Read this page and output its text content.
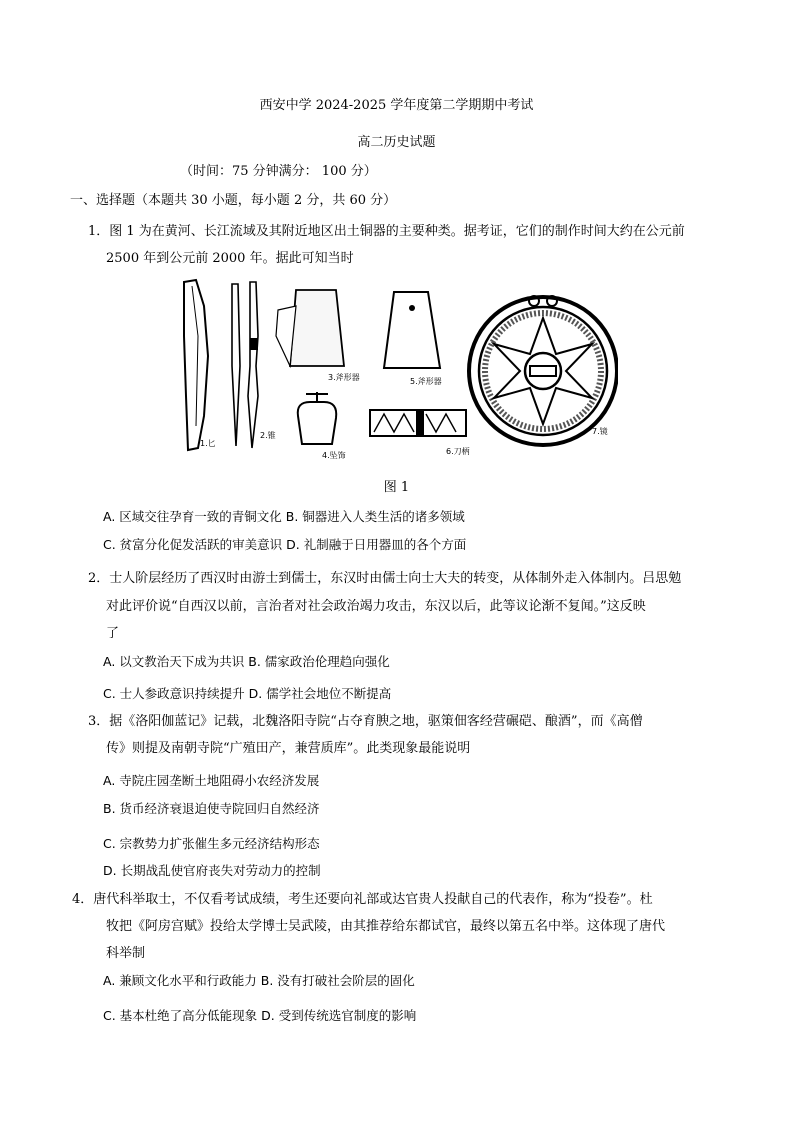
西安中学 2024-2025 学年度第二学期期中考试
高二历史试题
（时间：75 分钟满分： 100 分）
一、选择题（本题共 30 小题，每小题 2 分，共 60 分）
1．图 1 为在黄河、长江流域及其附近地区出土铜器的主要种类。据考证，它们的制作时间大约在公元前
2500 年到公元前 2000 年。据此可知当时
1.匕
2.锥
3.斧形器
4.坠饰
5.斧形器
6.刀柄
7.镜
图 1
A. 区域交往孕育一致的青铜文化 B. 铜器进入人类生活的诸多领域
C. 贫富分化促发活跃的审美意识 D. 礼制融于日用器皿的各个方面
2．士人阶层经历了西汉时由游士到儒士，东汉时由儒士向士大夫的转变，从体制外走入体制内。吕思勉
对此评价说“自西汉以前，言治者对社会政治竭力攻击，东汉以后，此等议论渐不复闻。”这反映
了
A. 以文教治天下成为共识 B. 儒家政治伦理趋向强化
C. 士人参政意识持续提升 D. 儒学社会地位不断提高
3．据《洛阳伽蓝记》记载，北魏洛阳寺院“占夺育腴之地，驱策佃客经营碾硙、酿酒”，而《高僧
传》则提及南朝寺院“广殖田产，兼营质库”。此类现象最能说明
A. 寺院庄园垄断土地阻碍小农经济发展
B. 货币经济衰退迫使寺院回归自然经济
C. 宗教势力扩张催生多元经济结构形态
D. 长期战乱使官府丧失对劳动力的控制
4．唐代科举取士，不仅看考试成绩，考生还要向礼部或达官贵人投献自己的代表作，称为“投卷”。杜
牧把《阿房宫赋》投给太学博士吴武陵，由其推荐给东都试官，最终以第五名中举。这体现了唐代
科举制
A. 兼顾文化水平和行政能力 B. 没有打破社会阶层的固化
C. 基本杜绝了高分低能现象 D. 受到传统选官制度的影响
